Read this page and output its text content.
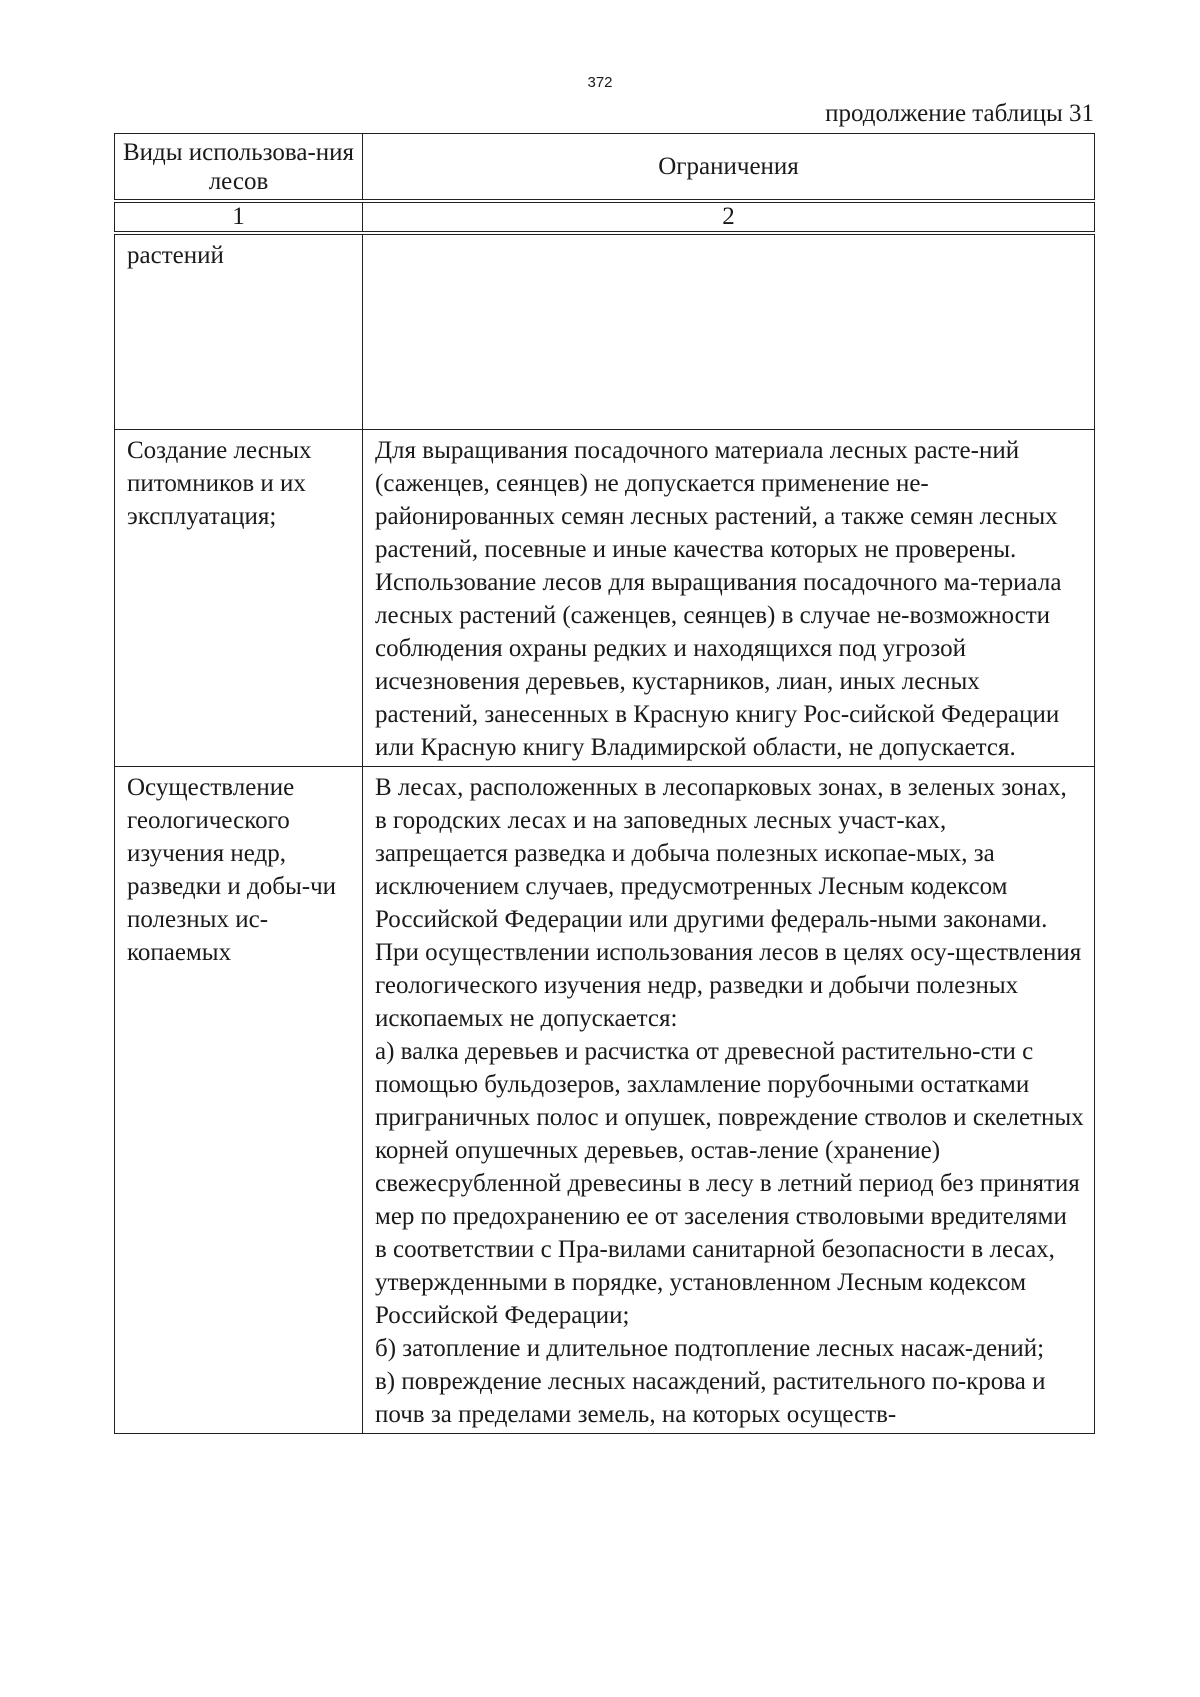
372
продолжение таблицы 31
Виды использова-ния лесов	Ограничения
1	2
растений	
Создание лесных питомников и их эксплуатация;	Для выращивания посадочного материала лесных расте-ний (саженцев, сеянцев) не допускается применение не-районированных семян лесных растений, а также семян лесных растений, посевные и иные качества которых не проверены.

Использование лесов для выращивания посадочного ма-териала лесных растений (саженцев, сеянцев) в случае не-возможности соблюдения охраны редких и находящихся под угрозой исчезновения деревьев, кустарников, лиан, иных лесных растений, занесенных в Красную книгу Рос-сийской Федерации или Красную книгу Владимирской области, не допускается.

Осуществление геологического изучения недр, разведки и добы-чи полезных ис-копаемых	В лесах, расположенных в лесопарковых зонах, в зеленых зонах, в городских лесах и на заповедных лесных участ-ках, запрещается разведка и добыча полезных ископае-мых, за исключением случаев, предусмотренных Лесным кодексом Российской Федерации или другими федераль-ными законами.

При осуществлении использования лесов в целях осу-ществления геологического изучения недр, разведки и добычи полезных ископаемых не допускается:

а) валка деревьев и расчистка от древесной растительно-сти с помощью бульдозеров, захламление порубочными остатками приграничных полос и опушек, повреждение стволов и скелетных корней опушечных деревьев, остав-ление (хранение) свежесрубленной древесины в лесу в летний период без принятия мер по предохранению ее от заселения стволовыми вредителями в соответствии с Пра-вилами санитарной безопасности в лесах, утвержденными в порядке, установленном Лесным кодексом Российской Федерации;

б) затопление и длительное подтопление лесных насаж-дений;

в) повреждение лесных насаждений, растительного по-крова и почв за пределами земель, на которых осуществ-
